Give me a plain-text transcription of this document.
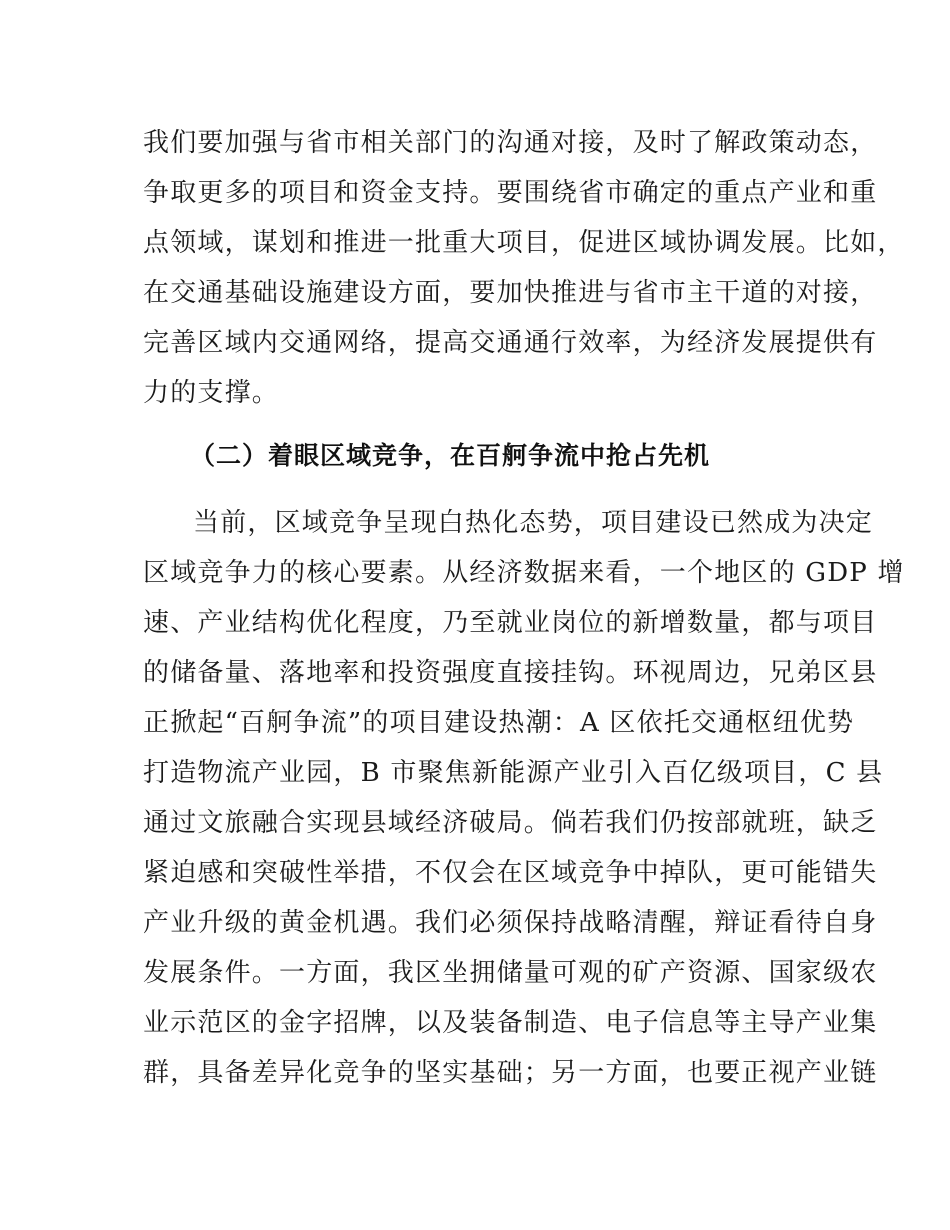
我们要加强与省市相关部门的沟通对接，及时了解政策动态，
争取更多的项目和资金支持。要围绕省市确定的重点产业和重
点领域，谋划和推进一批重大项目，促进区域协调发展。比如，
在交通基础设施建设方面，要加快推进与省市主干道的对接，
完善区域内交通网络，提高交通通行效率，为经济发展提供有
力的支撑。
（二）着眼区域竞争，在百舸争流中抢占先机
当前，区域竞争呈现白热化态势，项目建设已然成为决定
区域竞争力的核心要素。从经济数据来看，一个地区的 GDP 增
速、产业结构优化程度，乃至就业岗位的新增数量，都与项目
的储备量、落地率和投资强度直接挂钩。环视周边，兄弟区县
正掀起“百舸争流”的项目建设热潮：A 区依托交通枢纽优势
打造物流产业园，B 市聚焦新能源产业引入百亿级项目，C 县
通过文旅融合实现县域经济破局。倘若我们仍按部就班，缺乏
紧迫感和突破性举措，不仅会在区域竞争中掉队，更可能错失
产业升级的黄金机遇。我们必须保持战略清醒，辩证看待自身
发展条件。一方面，我区坐拥储量可观的矿产资源、国家级农
业示范区的金字招牌，以及装备制造、电子信息等主导产业集
群，具备差异化竞争的坚实基础；另一方面，也要正视产业链
